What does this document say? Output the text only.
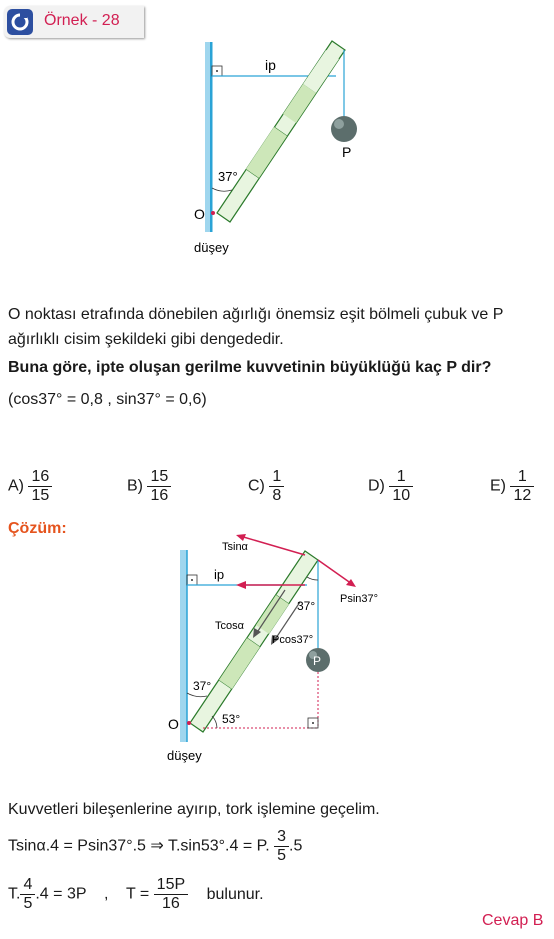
Örnek - 28
ip
P
37°
O
düşey

O noktası etrafında dönebilen ağırlığı önemsiz eşit bölmeli çubuk ve P

ağırlıklı cisim şekildeki gibi dengededir.

Buna göre, ipte oluşan gerilme kuvvetinin büyüklüğü kaç P dir?

(cos37° = 0,8 , sin37° = 0,6)

$A) \frac{16}{15}$	$B) \frac{15}{16}$	$C) \frac{1}{8}$	$D) \frac{1}{10}$	$E) \frac{1}{12}$
Çözüm:
Tsinα
ip
Psin37°
Tcosα
37°
Pcos37°
P
37°
53°
O
düşey

Kuvvetleri bileşenlerine ayırıp, tork işlemine geçelim.

Tsinα.4 = Psin37°.5 ⇒ T.sin53°.4 = P. $\frac{3}{5} .5$
T. $\frac{4}{5} .4 = 3P$    ,    $T = \frac{15P}{16}$ bulunur.
Cevap B
